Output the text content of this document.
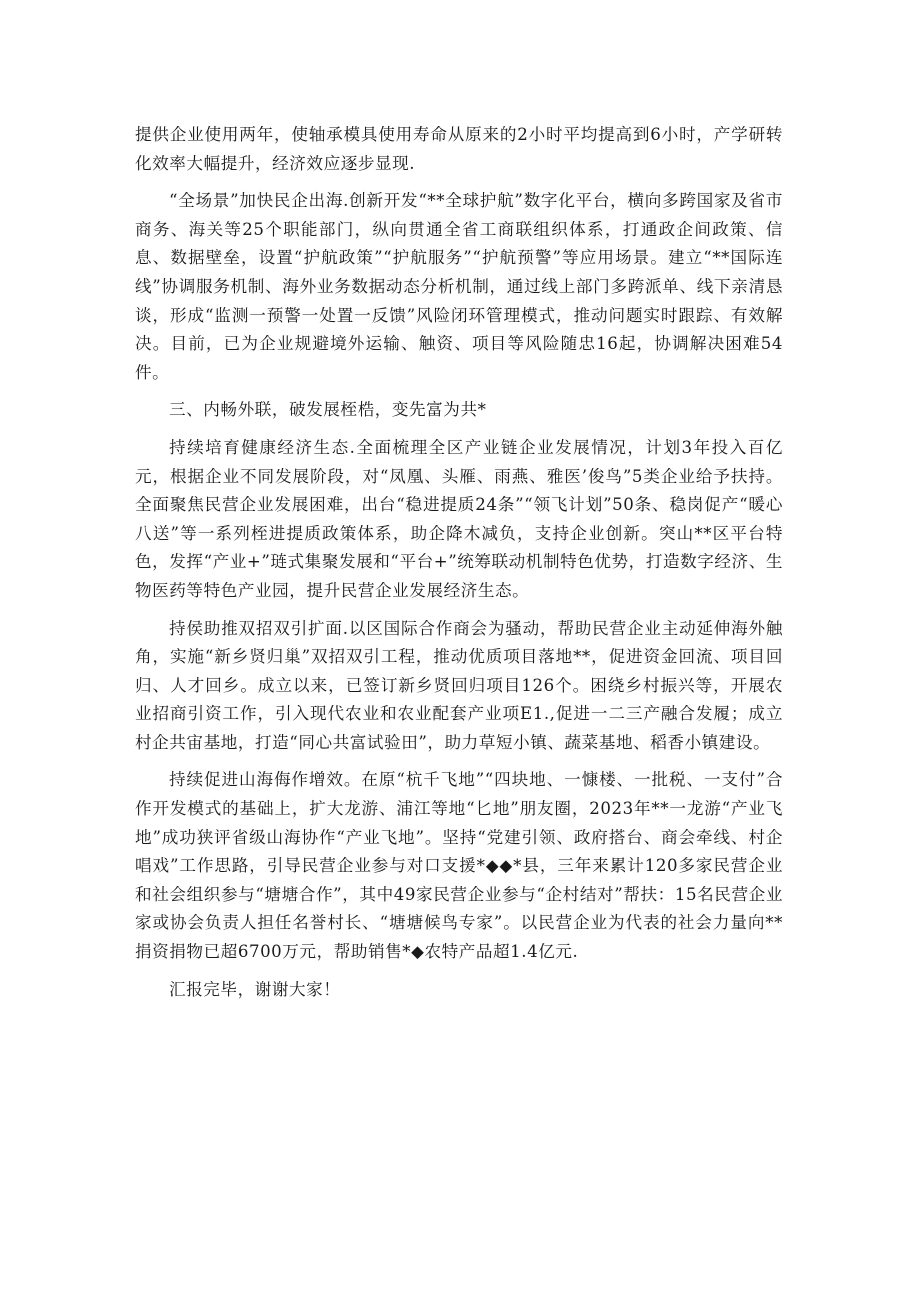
提供企业使用两年，使轴承模具使用寿命从原来的2小时平均提高到6小时，产学研转化效率大幅提升，经济效应逐步显现.

“全场景”加快民企出海.创新开发“**全球护航”数字化平台，横向多跨国家及省市商务、海关等25个职能部门，纵向贯通全省工商联组织体系，打通政企间政策、信息、数据壁垒，设置“护航政策”“护航服务”“护航预警”等应用场景。建立“**国际连线”协调服务机制、海外业务数据动态分析机制，通过线上部门多跨派单、线下亲清恳谈，形成“监测一预警一处置一反馈”风险闭环管理模式，推动问题实时跟踪、有效解决。目前，已为企业规避境外运输、触资、项目等风险随忠16起，协调解决困难54件。

三、内畅外联，破发展桎梏，变先富为共*

持续培育健康经济生态.全面梳理全区产业链企业发展情况，计划3年投入百亿元，根据企业不同发展阶段，对“凤凰、头雁、雨燕、雅医’俊鸟”5类企业给予扶持。全面聚焦民营企业发展困难，出台“稳进提质24条”“领飞计划”50条、稳岗促产“暖心八送”等一系列桎进提质政策体系，助企降木减负，支持企业创新。突山**区平台特色，发挥“产业+”琏式集聚发展和“平台+”统筹联动机制特色优势，打造数字经济、生物医药等特色产业园，提升民营企业发展经济生态。

持侯助推双招双引扩面.以区国际合作商会为骚动，帮助民营企业主动延伸海外触角，实施“新乡贤归巢”双招双引工程，推动优质项目落地**，促进资金回流、项目回归、人才回乡。成立以来，已签订新乡贤回归项目126个。困绕乡村振兴等，开展农业招商引资工作，引入现代农业和农业配套产业项E1.,促进一二三产融合发履；成立村企共宙基地，打造“同心共富试验田”，助力草短小镇、蔬菜基地、稻香小镇建设。

持续促进山海侮作增效。在原“杭千飞地”“四块地、一慷楼、一批税、一支付”合作开发模式的基础上，扩大龙游、浦江等地“匕地”朋友圈，2023年**一龙游“产业飞地”成功狭评省级山海协作“产业飞地”。坚持“党建引领、政府搭台、商会牵线、村企唱戏”工作思路，引导民营企业参与对口支援*◆◆*县，三年来累计120多家民营企业和社会组织参与“塘塘合作”，其中49家民营企业参与“企村结对”帮扶：15名民营企业家或协会负责人担任名誉村长、“塘塘候鸟专家”。以民营企业为代表的社会力量向**捐资捐物已超6700万元，帮助销售*◆农特产品超1.4亿元.

汇报完毕，谢谢大家！
